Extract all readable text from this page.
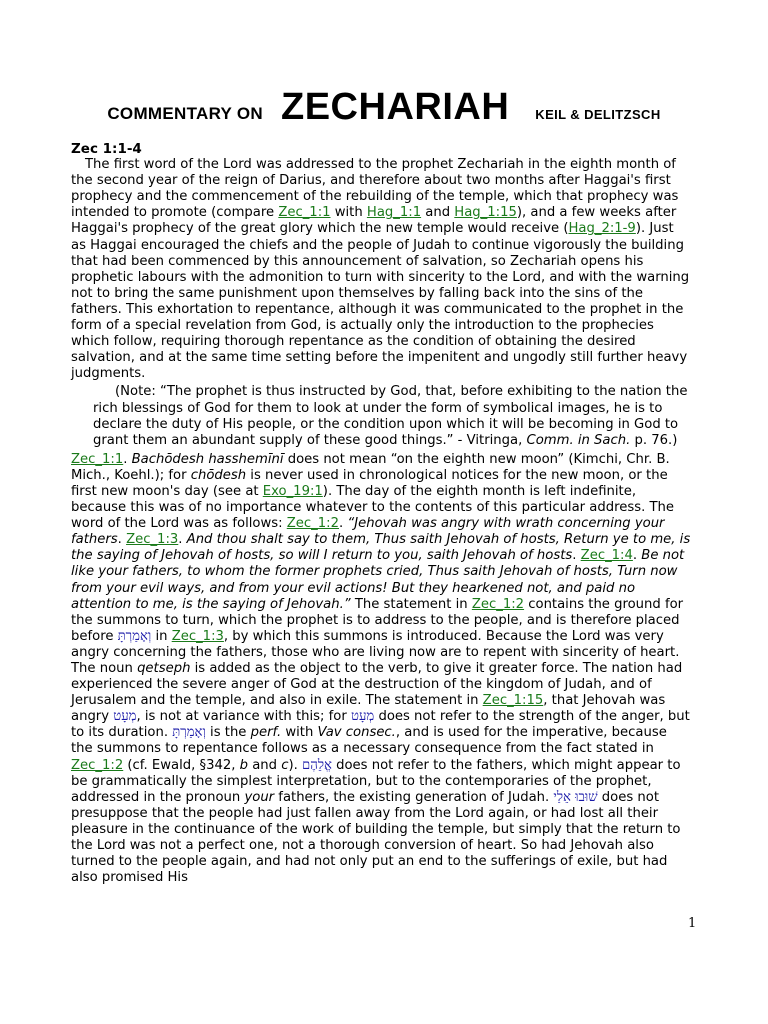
COMMENTARY ON ZECHARIAH KEIL & DELITZSCH

Zec 1:1-4

The first word of the Lord was addressed to the prophet Zechariah in the eighth month of the second year of the reign of Darius, and therefore about two months after Haggai's first prophecy and the commencement of the rebuilding of the temple, which that prophecy was intended to promote (compare Zec_1:1 with Hag_1:1 and Hag_1:15), and a few weeks after Haggai's prophecy of the great glory which the new temple would receive (Hag_2:1-9). Just as Haggai encouraged the chiefs and the people of Judah to continue vigorously the building that had been commenced by this announcement of salvation, so Zechariah opens his prophetic labours with the admonition to turn with sincerity to the Lord, and with the warning not to bring the same punishment upon themselves by falling back into the sins of the fathers. This exhortation to repentance, although it was communicated to the prophet in the form of a special revelation from God, is actually only the introduction to the prophecies which follow, requiring thorough repentance as the condition of obtaining the desired salvation, and at the same time setting before the impenitent and ungodly still further heavy judgments.

(Note: “The prophet is thus instructed by God, that, before exhibiting to the nation the rich blessings of God for them to look at under the form of symbolical images, he is to declare the duty of His people, or the condition upon which it will be becoming in God to grant them an abundant supply of these good things.” - Vitringa, Comm. in Sach. p. 76.)

Zec_1:1. Bachōdesh hasshemīnī does not mean “on the eighth new moon” (Kimchi, Chr. B. Mich., Koehl.); for chōdesh is never used in chronological notices for the new moon, or the first new moon's day (see at Exo_19:1). The day of the eighth month is left indefinite, because this was of no importance whatever to the contents of this particular address. The word of the Lord was as follows: Zec_1:2. “Jehovah was angry with wrath concerning your fathers. Zec_1:3. And thou shalt say to them, Thus saith Jehovah of hosts, Return ye to me, is the saying of Jehovah of hosts, so will I return to you, saith Jehovah of hosts. Zec_1:4. Be not like your fathers, to whom the former prophets cried, Thus saith Jehovah of hosts, Turn now from your evil ways, and from your evil actions! But they hearkened not, and paid no attention to me, is the saying of Jehovah.” The statement in Zec_1:2 contains the ground for the summons to turn, which the prophet is to address to the people, and is therefore placed before וְאָמַרְתָּ in Zec_1:3, by which this summons is introduced. Because the Lord was very angry concerning the fathers, those who are living now are to repent with sincerity of heart. The noun qetseph is added as the object to the verb, to give it greater force. The nation had experienced the severe anger of God at the destruction of the kingdom of Judah, and of Jerusalem and the temple, and also in exile. The statement in Zec_1:15, that Jehovah was angry מְעָט, is not at variance with this; for מְעָט does not refer to the strength of the anger, but to its duration. וְאָמַרְתָּ is the perf. with Vav consec., and is used for the imperative, because the summons to repentance follows as a necessary consequence from the fact stated in Zec_1:2 (cf. Ewald, §342, b and c). אֱלֵהֶם does not refer to the fathers, which might appear to be grammatically the simplest interpretation, but to the contemporaries of the prophet, addressed in the pronoun your fathers, the existing generation of Judah. שׁוּבוּ אֵלַי does not presuppose that the people had just fallen away from the Lord again, or had lost all their pleasure in the continuance of the work of building the temple, but simply that the return to the Lord was not a perfect one, not a thorough conversion of heart. So had Jehovah also turned to the people again, and had not only put an end to the sufferings of exile, but had also promised His

1
